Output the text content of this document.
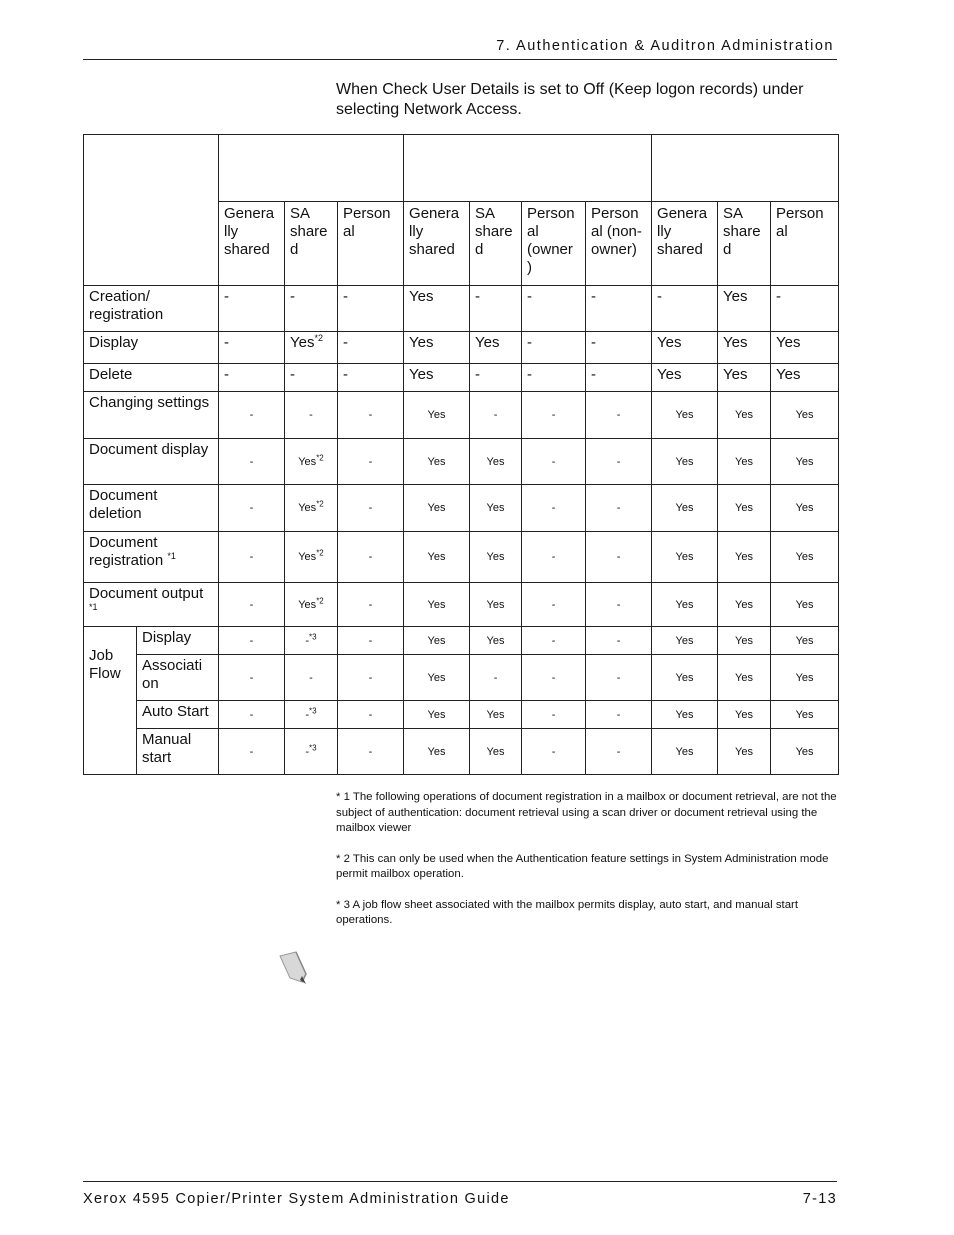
7. Authentication & Auditron Administration
When Check User Details is set to Off (Keep logon records) under selecting Network Access.

		Genera lly shared	SA share d	Person al	Genera lly shared	SA share d	Person al (owner )	Person al (non- owner)	Genera lly shared	SA share d	Person al
Creation/ registration		-	-	-	Yes	-	-	-	-	Yes	-
Display		-	Yes$^{*2}$	-	Yes	Yes	-	-	Yes	Yes	Yes
Delete		-	-	-	Yes	-	-	-	Yes	Yes	Yes
Changing settings		-	-	-	Yes	-	-	-	Yes	Yes	Yes
Document display		-	Yes$^{*2}$	-	Yes	Yes	-	-	Yes	Yes	Yes
Document deletion		-	Yes$^{*2}$	-	Yes	Yes	-	-	Yes	Yes	Yes
Document registration $^{*1}$		-	Yes$^{*2}$	-	Yes	Yes	-	-	Yes	Yes	Yes
Document output $^{*1}$		-	Yes$^{*2}$	-	Yes	Yes	-	-	Yes	Yes	Yes
Job Flow	Display	-	-$^{*3}$	-	Yes	Yes	-	-	Yes	Yes	Yes
	Associati on	-	-	-	Yes	-	-	-	Yes	Yes	Yes
	Auto Start	-	-$^{*3}$	-	Yes	Yes	-	-	Yes	Yes	Yes
	Manual start	-	-$^{*3}$	-	Yes	Yes	-	-	Yes	Yes	Yes
* 1 The following operations of document registration in a mailbox or document retrieval, are not the subject of authentication: document retrieval using a scan driver or document retrieval using the mailbox viewer
* 2 This can only be used when the Authentication feature settings in System Administration mode permit mailbox operation.
* 3 A job flow sheet associated with the mailbox permits display, auto start, and manual start operations.
Xerox 4595 Copier/Printer System Administration Guide	7-13
